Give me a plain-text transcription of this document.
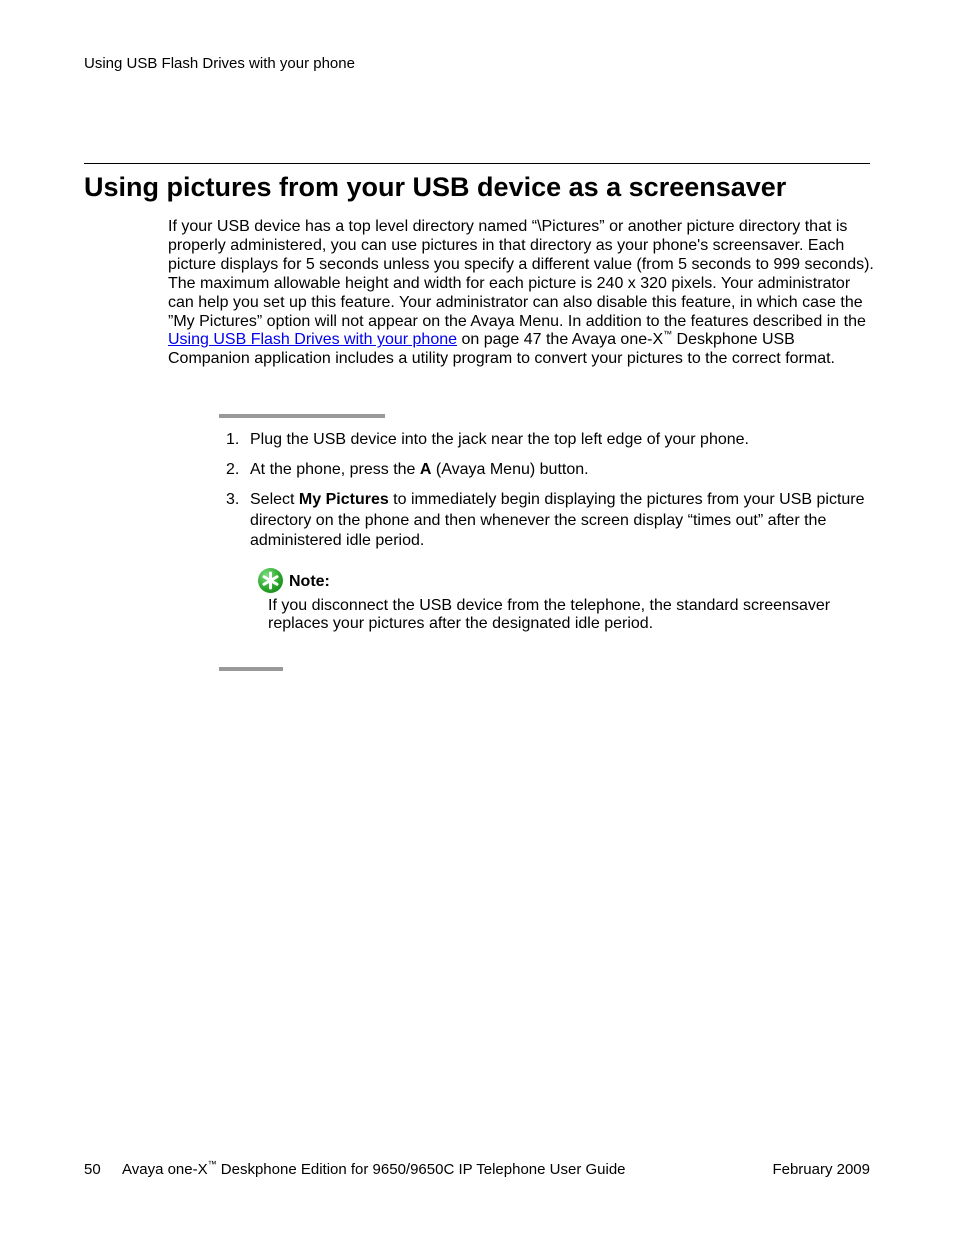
Using USB Flash Drives with your phone
Using pictures from your USB device as a screensaver

If your USB device has a top level directory named “\Pictures” or another picture directory that is properly administered, you can use pictures in that directory as your phone's screensaver. Each picture displays for 5 seconds unless you specify a different value (from 5 seconds to 999 seconds). The maximum allowable height and width for each picture is 240 x 320 pixels. Your administrator can help you set up this feature. Your administrator can also disable this feature, in which case the ”My Pictures” option will not appear on the Avaya Menu. In addition to the features described in the Using USB Flash Drives with your phone on page 47 the Avaya one-X™ Deskphone USB Companion application includes a utility program to convert your pictures to the correct format.

1. Plug the USB device into the jack near the top left edge of your phone.
2. At the phone, press the A (Avaya Menu) button.
3. Select My Pictures to immediately begin displaying the pictures from your USB picture directory on the phone and then whenever the screen display “times out” after the administered idle period.
Note:

If you disconnect the USB device from the telephone, the standard screensaver replaces your pictures after the designated idle period.

50 Avaya one-X™ Deskphone Edition for 9650/9650C IP Telephone User Guide	February 2009
